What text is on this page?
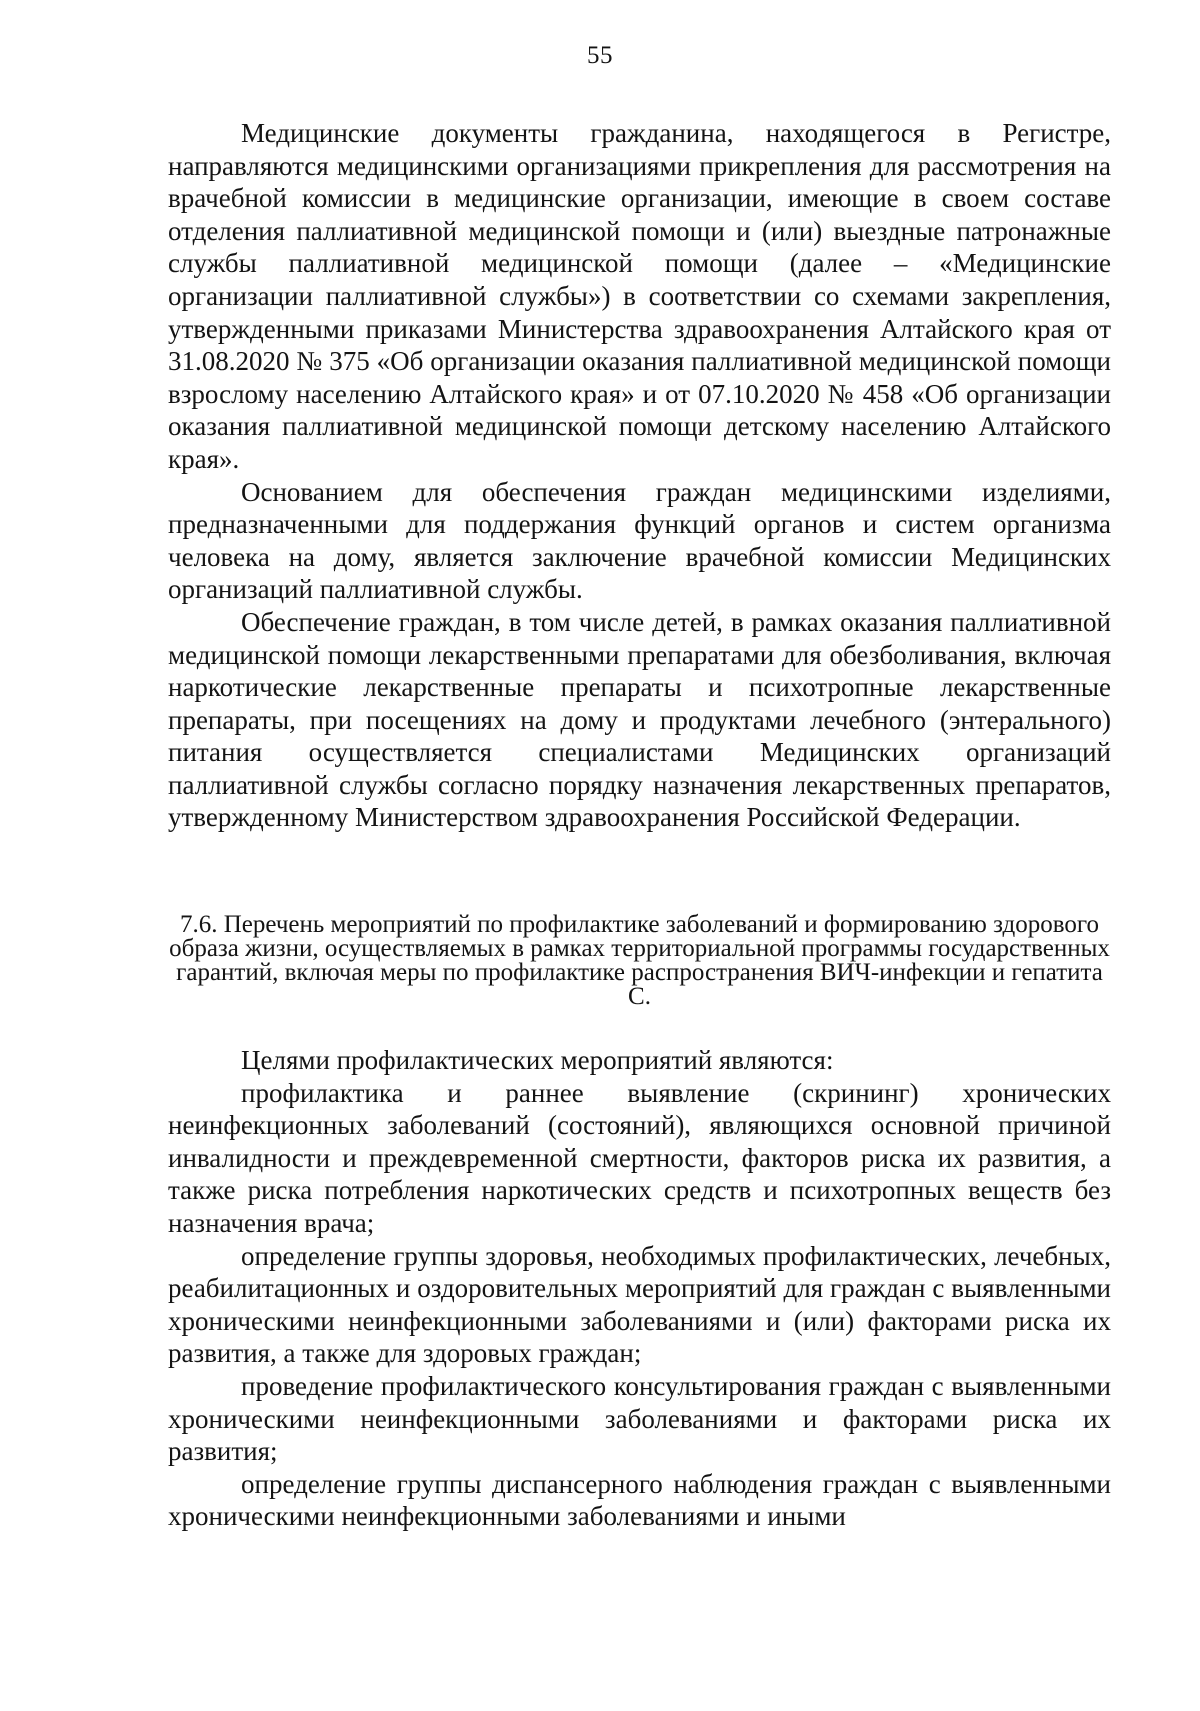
55

Медицинские документы гражданина, находящегося в Регистре, направляются медицинскими организациями прикрепления для рассмотрения на врачебной комиссии в медицинские организации, имеющие в своем составе отделения паллиативной медицинской помощи и (или) выездные патронажные службы паллиативной медицинской помощи (далее – «Медицинские организации паллиативной службы») в соответствии со схемами закрепления, утвержденными приказами Министерства здравоохранения Алтайского края от 31.08.2020 № 375 «Об организации оказания паллиативной медицинской помощи взрослому населению Алтайского края» и от 07.10.2020 № 458 «Об организации оказания паллиативной медицинской помощи детскому населению Алтайского края».

Основанием для обеспечения граждан медицинскими изделиями, предназначенными для поддержания функций органов и систем организма человека на дому, является заключение врачебной комиссии Медицинских организаций паллиативной службы.

Обеспечение граждан, в том числе детей, в рамках оказания паллиативной медицинской помощи лекарственными препаратами для обезболивания, включая наркотические лекарственные препараты и психотропные лекарственные препараты, при посещениях на дому и продуктами лечебного (энтерального) питания осуществляется специалистами Медицинских организаций паллиативной службы согласно порядку назначения лекарственных препаратов, утвержденному Министерством здравоохранения Российской Федерации.

7.6. Перечень мероприятий по профилактике заболеваний и формированию здорового образа жизни, осуществляемых в рамках территориальной программы государственных гарантий, включая меры по профилактике распространения ВИЧ-инфекции и гепатита С.

Целями профилактических мероприятий являются:

профилактика и раннее выявление (скрининг) хронических неинфекционных заболеваний (состояний), являющихся основной причиной инвалидности и преждевременной смертности, факторов риска их развития, а также риска потребления наркотических средств и психотропных веществ без назначения врача;

определение группы здоровья, необходимых профилактических, лечебных, реабилитационных и оздоровительных мероприятий для граждан с выявленными хроническими неинфекционными заболеваниями и (или) факторами риска их развития, а также для здоровых граждан;

проведение профилактического консультирования граждан с выявленными хроническими неинфекционными заболеваниями и факторами риска их развития;

определение группы диспансерного наблюдения граждан с выявленными хроническими неинфекционными заболеваниями и иными
